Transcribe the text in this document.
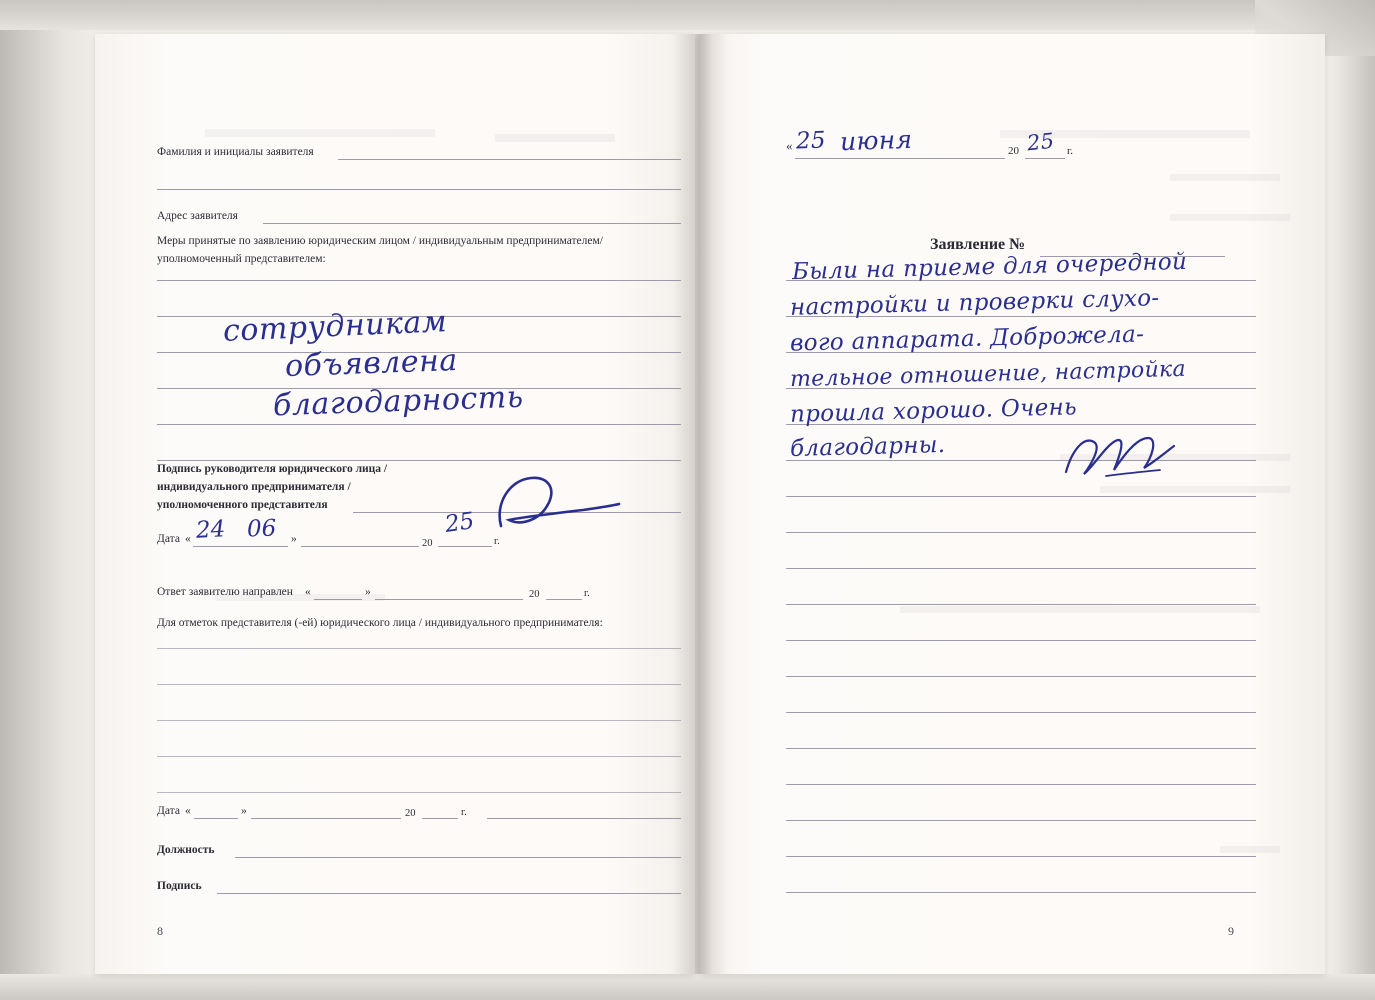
Фамилия и инициалы заявителя
Адрес заявителя
Меры принятые по заявлению юридическим лицом / индивидуальным предпринимателем/
уполномоченный представителем:
сотрудникам
объявлена
благодарность
Подпись руководителя юридического лица /
индивидуального предпринимателя /
уполномоченного представителя
Дата «	»	20	г.
24 06	25
Ответ заявителю направлен «	»	20	г.
Для отметок представителя (-ей) юридического лица / индивидуального предпринимателя:
Дата «	»	20	г.
Должность
Подпись
8
«	20	г.
25 июня	25
Заявление №
Были на приеме для очередной
настройки и проверки слухо-
вого аппарата. Доброжела-
тельное отношение, настройка
прошла хорошо. Очень
благодарны.
9
